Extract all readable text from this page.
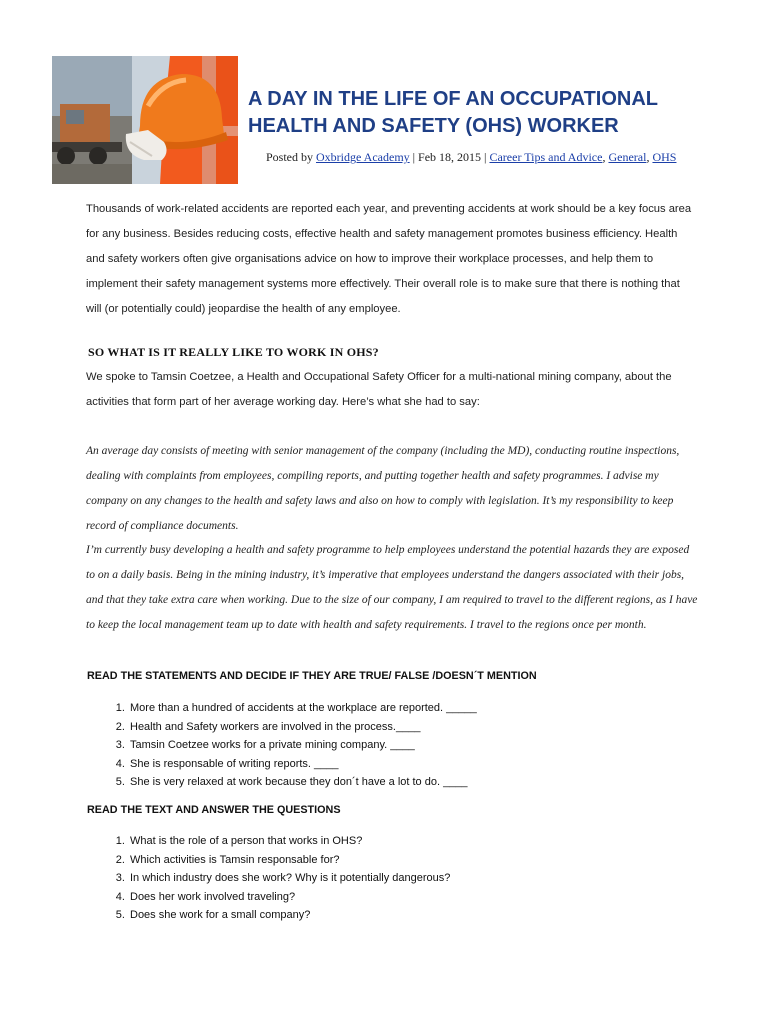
A DAY IN THE LIFE OF AN OCCUPATIONAL HEALTH AND SAFETY (OHS) WORKER
Posted by Oxbridge Academy | Feb 18, 2015 | Career Tips and Advice, General, OHS

Thousands of work-related accidents are reported each year, and preventing accidents at work should be a key focus area for any business. Besides reducing costs, effective health and safety management promotes business efficiency. Health and safety workers often give organisations advice on how to improve their workplace processes, and help them to implement their safety management systems more effectively. Their overall role is to make sure that there is nothing that will (or potentially could) jeopardise the health of any employee.

SO WHAT IS IT REALLY LIKE TO WORK IN OHS?

We spoke to Tamsin Coetzee, a Health and Occupational Safety Officer for a multi-national mining company, about the activities that form part of her average working day. Here’s what she had to say:

An average day consists of meeting with senior management of the company (including the MD), conducting routine inspections, dealing with complaints from employees, compiling reports, and putting together health and safety programmes. I advise my company on any changes to the health and safety laws and also on how to comply with legislation. It’s my responsibility to keep record of compliance documents.

I’m currently busy developing a health and safety programme to help employees understand the potential hazards they are exposed to on a daily basis. Being in the mining industry, it’s imperative that employees understand the dangers associated with their jobs, and that they take extra care when working. Due to the size of our company, I am required to travel to the different regions, as I have to keep the local management team up to date with health and safety requirements. I travel to the regions once per month.

READ THE STATEMENTS AND DECIDE IF THEY ARE TRUE/ FALSE /DOESN´T MENTION

1. More than a hundred of accidents at the workplace are reported. _____
2. Health and Safety workers are involved in the process.____
3. Tamsin Coetzee works for a private mining company. ____
4. She is responsable of writing reports. ____
5. She is very relaxed at work because they don´t have a lot to do. ____

READ THE TEXT AND ANSWER THE QUESTIONS

1. What is the role of a person that works in OHS?
2. Which activities is Tamsin responsable for?
3. In which industry does she work? Why is it potentially dangerous?
4. Does her work involved traveling?
5. Does she work for a small company?
